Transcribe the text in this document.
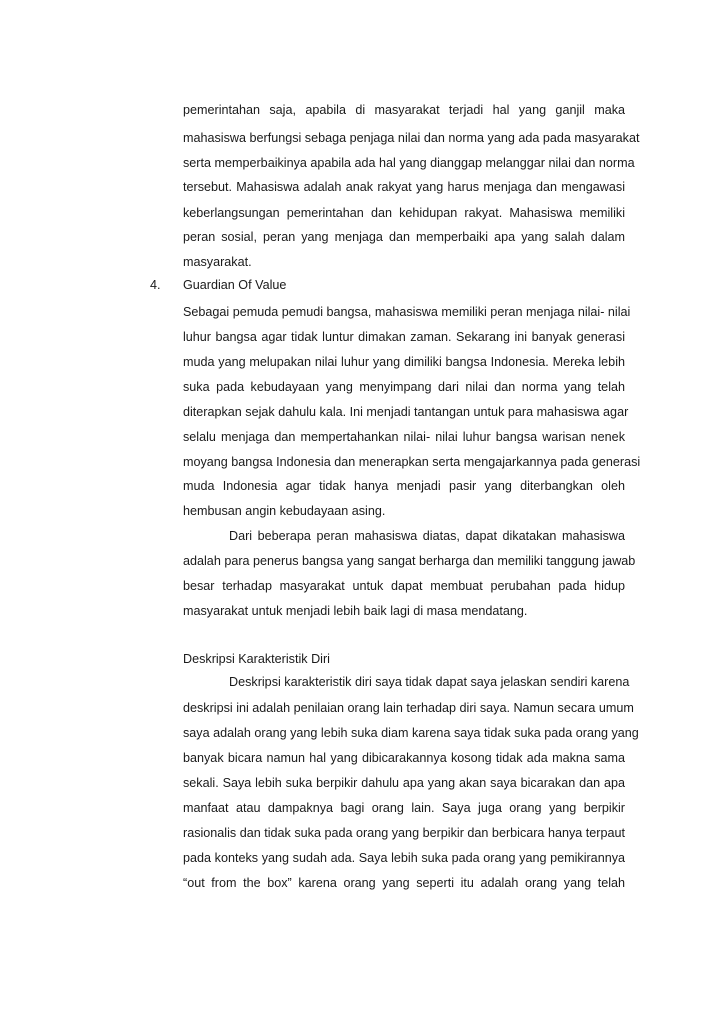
pemerintahan saja, apabila di masyarakat terjadi hal yang ganjil maka
mahasiswa berfungsi sebaga penjaga nilai dan norma yang ada pada masyarakat
serta memperbaikinya apabila ada hal yang dianggap melanggar nilai dan norma
tersebut. Mahasiswa adalah anak rakyat yang harus menjaga dan mengawasi
keberlangsungan pemerintahan dan kehidupan rakyat. Mahasiswa memiliki
peran sosial, peran yang menjaga dan memperbaiki apa yang salah dalam
masyarakat.
4. Guardian Of Value
Sebagai pemuda pemudi bangsa, mahasiswa memiliki peran menjaga nilai- nilai
luhur bangsa agar tidak luntur dimakan zaman. Sekarang ini banyak generasi
muda yang melupakan nilai luhur yang dimiliki bangsa Indonesia. Mereka lebih
suka pada kebudayaan yang menyimpang dari nilai dan norma yang telah
diterapkan sejak dahulu kala. Ini menjadi tantangan untuk para mahasiswa agar
selalu menjaga dan mempertahankan nilai- nilai luhur bangsa warisan nenek
moyang bangsa Indonesia dan menerapkan serta mengajarkannya pada generasi
muda Indonesia agar tidak hanya menjadi pasir yang diterbangkan oleh
hembusan angin kebudayaan asing.
Dari beberapa peran mahasiswa diatas, dapat dikatakan mahasiswa
adalah para penerus bangsa yang sangat berharga dan memiliki tanggung jawab
besar terhadap masyarakat untuk dapat membuat perubahan pada hidup
masyarakat untuk menjadi lebih baik lagi di masa mendatang.
Deskripsi Karakteristik Diri
Deskripsi karakteristik diri saya tidak dapat saya jelaskan sendiri karena
deskripsi ini adalah penilaian orang lain terhadap diri saya. Namun secara umum
saya adalah orang yang lebih suka diam karena saya tidak suka pada orang yang
banyak bicara namun hal yang dibicarakannya kosong tidak ada makna sama
sekali. Saya lebih suka berpikir dahulu apa yang akan saya bicarakan dan apa
manfaat atau dampaknya bagi orang lain. Saya juga orang yang berpikir
rasionalis dan tidak suka pada orang yang berpikir dan berbicara hanya terpaut
pada konteks yang sudah ada. Saya lebih suka pada orang yang pemikirannya
“out from the box” karena orang yang seperti itu adalah orang yang telah
